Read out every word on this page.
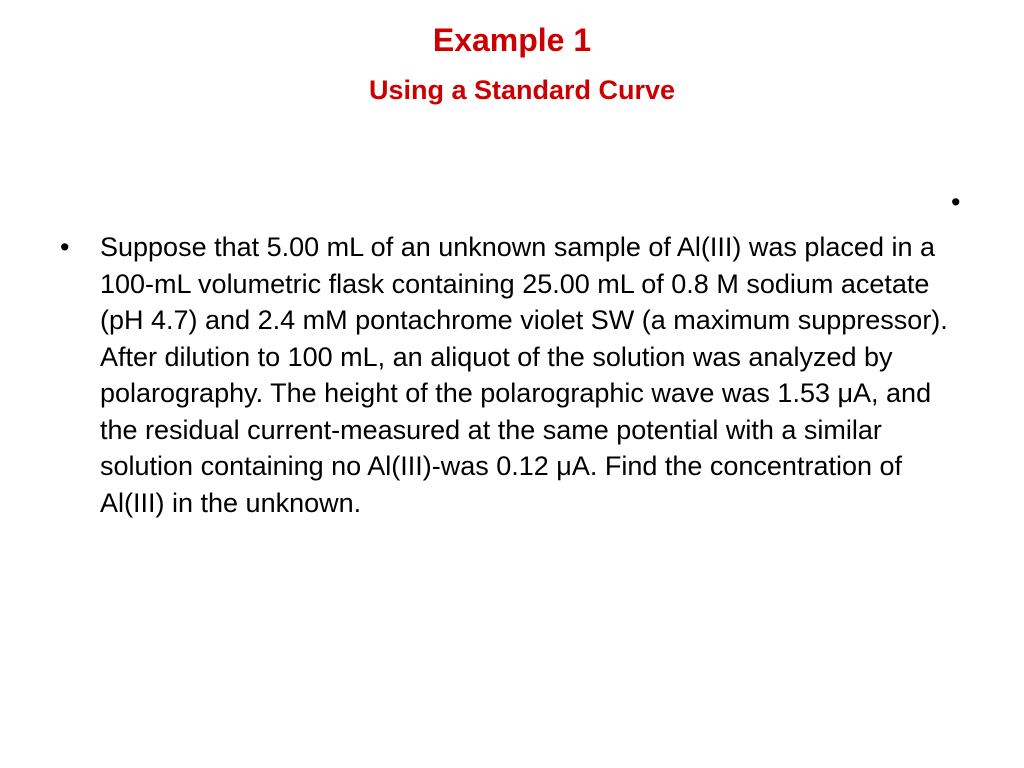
Example 1
Using a Standard Curve
•
• Suppose that 5.00 mL of an unknown sample of Al(III) was placed in a 100-mL volumetric flask containing 25.00 mL of 0.8 M sodium acetate (pH 4.7) and 2.4 mM pontachrome violet SW (a maximum suppressor). After dilution to 100 mL, an aliquot of the solution was analyzed by polarography. The height of the polarographic wave was 1.53 μA, and the residual current-measured at the same potential with a similar solution containing no Al(III)-was 0.12 μA. Find the concentration of Al(III) in the unknown.
